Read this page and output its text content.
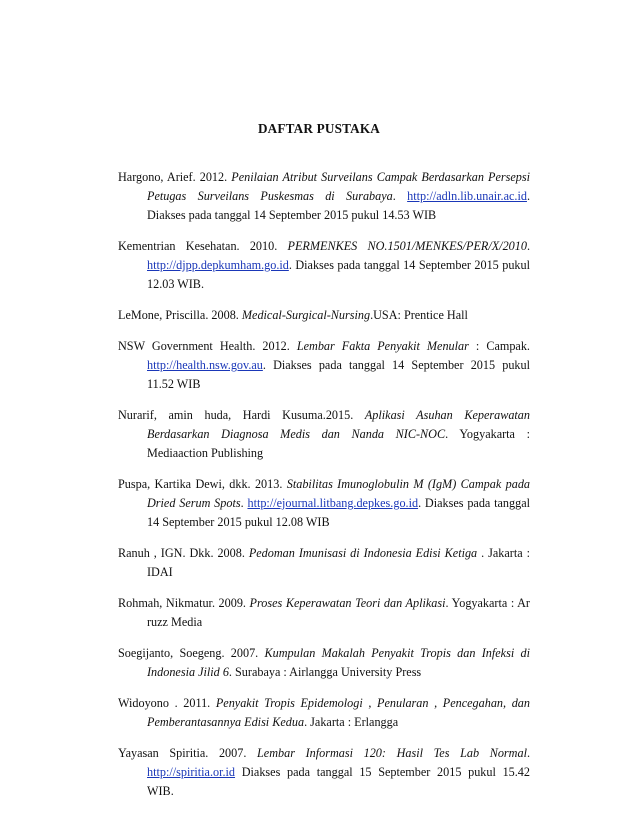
DAFTAR PUSTAKA
Hargono, Arief. 2012. Penilaian Atribut Surveilans Campak Berdasarkan Persepsi Petugas Surveilans Puskesmas di Surabaya. http://adln.lib.unair.ac.id. Diakses pada tanggal 14 September 2015 pukul 14.53 WIB
Kementrian Kesehatan. 2010. PERMENKES NO.1501/MENKES/PER/X/2010. http://djpp.depkumham.go.id. Diakses pada tanggal 14 September 2015 pukul 12.03 WIB.
LeMone, Priscilla. 2008. Medical-Surgical-Nursing.USA: Prentice Hall
NSW Government Health. 2012. Lembar Fakta Penyakit Menular : Campak. http://health.nsw.gov.au. Diakses pada tanggal 14 September 2015 pukul 11.52 WIB
Nurarif, amin huda, Hardi Kusuma.2015. Aplikasi Asuhan Keperawatan Berdasarkan Diagnosa Medis dan Nanda NIC-NOC. Yogyakarta : Mediaaction Publishing
Puspa, Kartika Dewi, dkk. 2013. Stabilitas Imunoglobulin M (IgM) Campak pada Dried Serum Spots. http://ejournal.litbang.depkes.go.id. Diakses pada tanggal 14 September 2015 pukul 12.08 WIB
Ranuh , IGN. Dkk. 2008. Pedoman Imunisasi di Indonesia Edisi Ketiga . Jakarta : IDAI
Rohmah, Nikmatur. 2009. Proses Keperawatan Teori dan Aplikasi. Yogyakarta : Ar ruzz Media
Soegijanto, Soegeng. 2007. Kumpulan Makalah Penyakit Tropis dan Infeksi di Indonesia Jilid 6. Surabaya : Airlangga University Press
Widoyono . 2011. Penyakit Tropis Epidemologi , Penularan , Pencegahan, dan Pemberantasannya Edisi Kedua. Jakarta : Erlangga
Yayasan Spiritia. 2007. Lembar Informasi 120: Hasil Tes Lab Normal. http://spiritia.or.id Diakses pada tanggal 15 September 2015 pukul 15.42 WIB.
